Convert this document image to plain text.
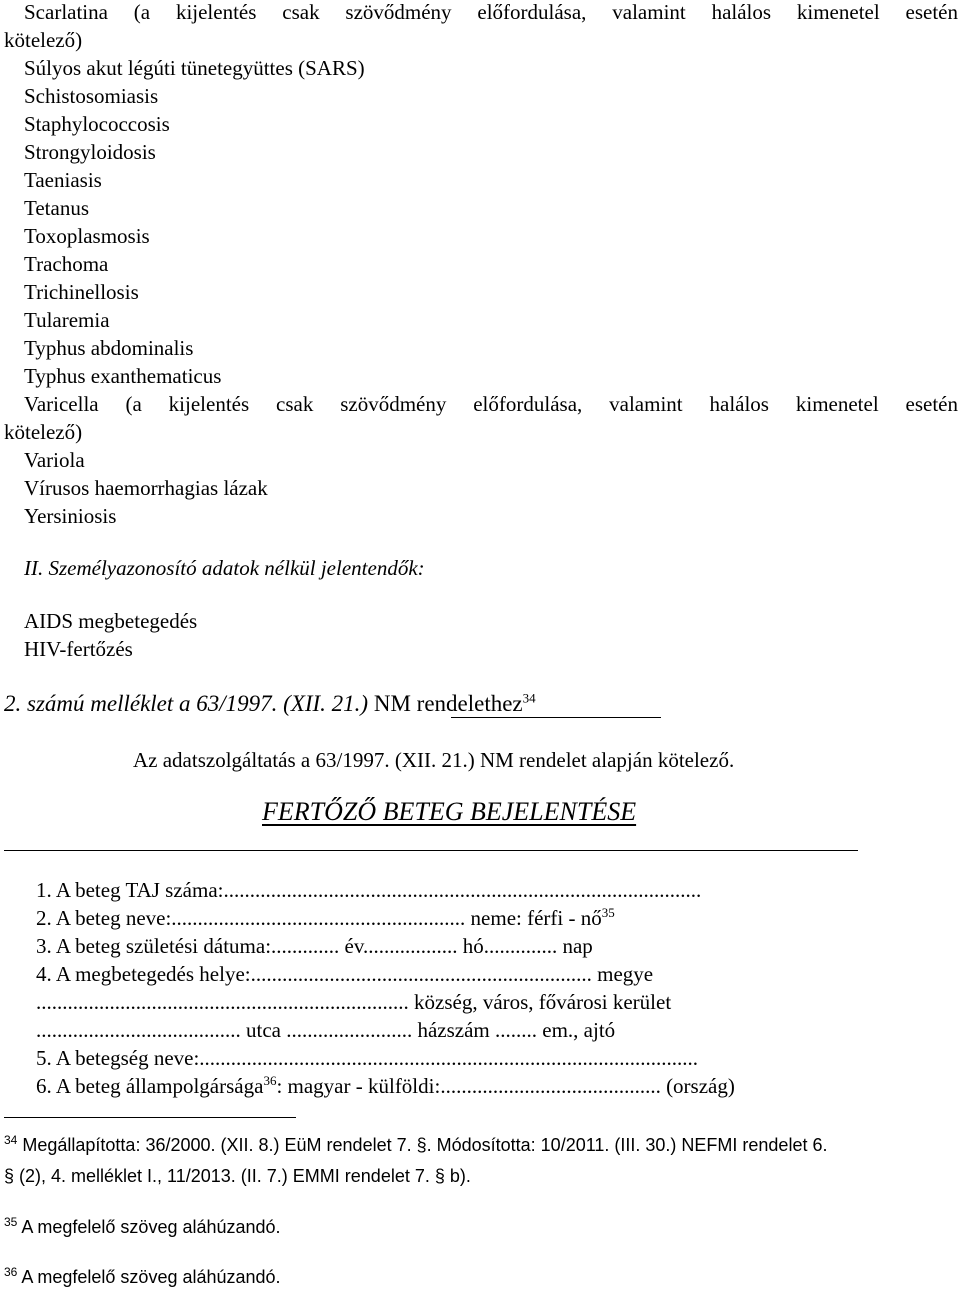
Scarlatina (a kijelentés csak szövődmény előfordulása, valamint halálos kimenetel esetén
kötelező)
Súlyos akut légúti tünetegyüttes (SARS)
Schistosomiasis
Staphylococcosis
Strongyloidosis
Taeniasis
Tetanus
Toxoplasmosis
Trachoma
Trichinellosis
Tularemia
Typhus abdominalis
Typhus exanthematicus
Varicella (a kijelentés csak szövődmény előfordulása, valamint halálos kimenetel esetén
kötelező)
Variola
Vírusos haemorrhagias lázak
Yersiniosis
II. Személyazonosító adatok nélkül jelentendők:
AIDS megbetegedés
HIV-fertőzés
2. számú melléklet a 63/1997. (XII. 21.) NM rendelethez$^{34}$
Az adatszolgáltatás a 63/1997. (XII. 21.) NM rendelet alapján kötelező.
FERTŐZŐ BETEG BEJELENTÉSE
1. A beteg TAJ száma:...........................................................................................
2. A beteg neve:........................................................ neme: férfi - $nő^{35}$
3. A beteg születési dátuma:............. év.................. hó.............. nap
4. A megbetegedés helye:................................................................. megye
....................................................................... község, város, fővárosi kerület
....................................... utca ........................ házszám ........ em., ajtó
5. A betegség neve:...............................................................................................
6. A beteg állampolgársága$^{36}$: magyar - külföldi:.......................................... (ország)
$^{34}$ Megállapította: 36/2000. (XII. 8.) EüM rendelet 7. §. Módosította: 10/2011. (III. 30.) NEFMI rendelet 6.
§ (2), 4. melléklet I., 11/2013. (II. 7.) EMMI rendelet 7. § b).
$^{35}$ A megfelelő szöveg aláhúzandó.
$^{36}$ A megfelelő szöveg aláhúzandó.
